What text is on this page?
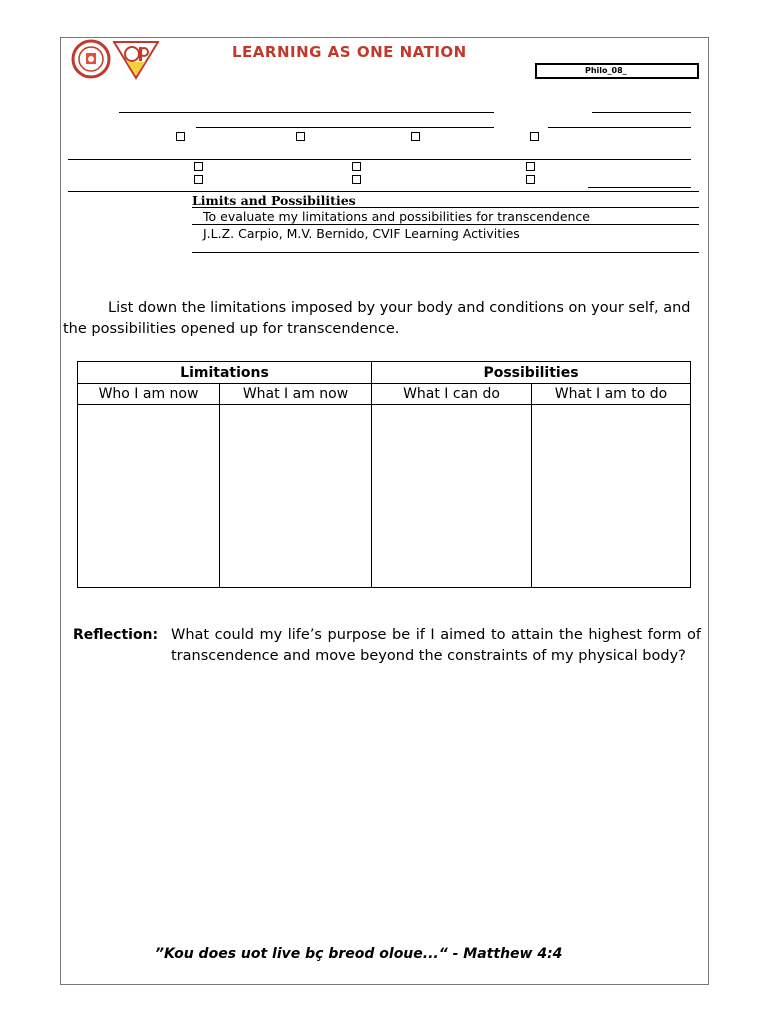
LEARNING AS ONE NATION
Philo_08_
Limits and Possibilities
To evaluate my limitations and possibilities for transcendence
J.L.Z. Carpio, M.V. Bernido, CVIF Learning Activities
List down the limitations imposed by your body and conditions on your self, and the possibilities opened up for transcendence.
Limitations		Possibilities	
Who I am now	What I am now	What I can do	What I am to do

Reflection: What could my life’s purpose be if I aimed to attain the highest form of transcendence and move beyond the constraints of my physical body?
”Kou does uot live bç breod oloue...“ - Matthew 4:4
